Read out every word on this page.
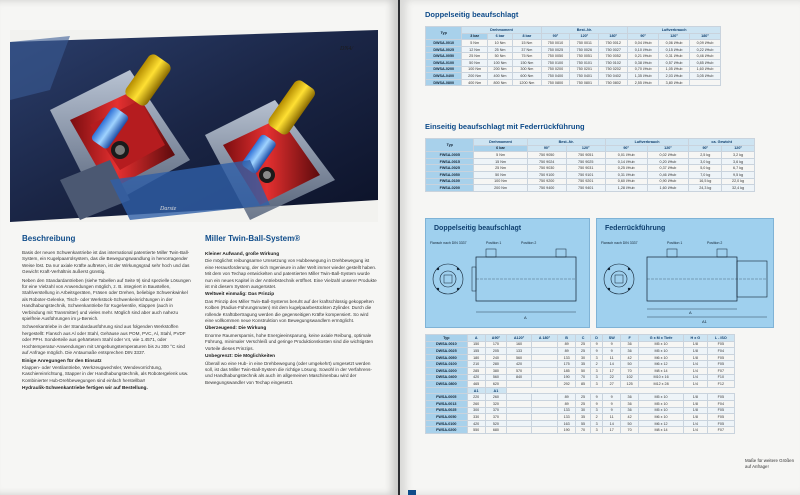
DN4/
Darste
Beschreibung

Basis der neuen Schwenkantriebe ist das international patentierte Miller Twin-Ball-System, ein Kugelpaarrolsystem, das die Bewegungswandlung in hervorragender Weise löst. Da nur axiale Kräfte auftreten, ist der Wirkungsgrad sehr hoch und das Gewicht Kraft-Verhältnis äußerst günstig.

Neben den Standardantrieben (siehe Tabellen auf Seite 9) sind spezielle Lösungen für eine Vielzahl von Anwendungen möglich, z. B. integriert in Baustellen, Stahlverstellung in Arbeitsgeräten, Fräsen oder Drehen, beliebige Schwenkwinkel als Roboter-Gelenke, Tisch- oder Werkstück-Schwenkeinrichtungen in der Handhabungstechnik, Schwenkantriebe für Kugelventile, Klappen (auch in Verbindung mit Transmitter) und vieles mehr. Möglich sind aber auch nahezu spielfreie Ausführungen im μ-Bereich.

Schwenkantriebe in der Standardausführung sind aus folgenden Werkstoffen hergestellt: Flansch aus Al oder Stahl, Gehäuse aus POM, PVC, Al, Stahl, PVDF oder PPH. Sonderteile aus gehärtetem Stahl oder V4, wie 1.4571, oder Hochtemperatur-Anwendungen mit Umgebungstemperaturen bis zu 300 °C sind auf Anfrage möglich. Die Antaumaße entsprechen DIN 3337.

Einige Anregungen für den Einsatz

Klappen- oder Ventilantriebe, Werkzeugwechsler, Wendevorrichtung, Kaschiereinrichtung, Stapper in der Handhabungstechnik, als Robotergelenk usw. Kombinierter Hub-Drehbewegungen sind einfach herstellbar!

Hydraulik-Schwenkantriebe fertigen wir auf Bestellung.
Miller Twin-Ball-System®
Kleiner Aufwand, große Wirkung

Die möglichst reibungsarme Umsetzung von Hubbewegung in Drehbewegung ist eine Herausforderung, der sich Ingenieure in aller Welt immer wieder gestellt haben. Mit dem von Techap entwickelten und patentierten Miller Twin-Ball-System wurde nun ein neues Kapitel in der Antriebstechnik eröffnet. Eine Vielzahl unserer Produkte ist mit diesem System ausgerüstet.

Weltweit einmalig: Das Prinzip

Das Prinzip des Miller Twin-Ball-Systems beruht auf der kraftschlüssig gekoppelten Kolben (Radius-Führungsnuten) mit dem kugelpaarbestückten Zylinder. Durch die rollende Kraftübertragung werden die gegenseitigen Kräfte kompensiert. So wird eine vollkommen neue Konstruktion von Bewegungswandlern ermöglicht.

Überzeugend: Die Wirkung

Enorme Raumersparnis, hohe Energieeinsparung, keine axiale Reibung, optimale Führung, minimaler Verschleiß und geringe Produktionskosten sind die wichtigsten Vorteile dieses Prinzips.

Unbegrenzt: Die Möglichkeiten

Überall wo eine Hub- in eine Drehbewegung (oder umgekehrt) umgesetzt werden soll, ist das Miller Twin-Ball-System die richtige Lösung. Sowohl in der Verfahrens- und Handhabungstechnik als auch im allgemeinen Maschinenbau wird der Bewegungswandler von Techap eingesetzt.

Doppelseitig beaufschlagt
Typ	Drehmoment			Best.-Nr.			Luftverbrauch		
	3 bar	6 bar	8 bar	90°	120°	180°	90°	120°	180°
DWSA-0010	5 Nm	10 Nm	15 Nm	750 0010	750 0011	750 0012	0,04 l/Hub	0,06 l/Hub	0,09 l/Hub
DWSA-0025	12 Nm	25 Nm	37 Nm	750 0025	750 0026	750 0027	0,10 l/Hub	0,15 l/Hub	0,22 l/Hub
DWSA-0050	25 Nm	50 Nm	75 Nm	750 0050	750 0051	750 0052	0,21 l/Hub	0,31 l/Hub	0,46 l/Hub
DWSA-0100	50 Nm	100 Nm	150 Nm	750 0100	750 0101	750 0102	0,38 l/Hub	0,57 l/Hub	0,85 l/Hub
DWSA-0200	100 Nm	200 Nm	300 Nm	750 0200	750 0201	750 0202	0,70 l/Hub	1,05 l/Hub	1,60 l/Hub
DWSA-0400	200 Nm	400 Nm	600 Nm	750 0400	750 0401	750 0402	1,35 l/Hub	2,03 l/Hub	3,05 l/Hub
DWSA-0800	400 Nm	800 Nm	1200 Nm	750 0800	750 0801	750 0802	2,55 l/Hub	3,80 l/Hub	
Einseitig beaufschlagt mit Federrückführung
Typ	Drehmoment	Best.-Nr.		Luftverbrauch		ca. Gewicht	
	6 bar	90°	120°	90°	120°	90°	120°
FWSA-0005	5 Nm	750 9050	750 9051	0,01 l/Hub	0,02 l/Hub	2,5 kg	3,2 kg
FWSA-0015	15 Nm	750 9024	750 9025	0,14 l/Hub	0,20 l/Hub	3,0 kg	3,6 kg
FWSA-0025	25 Nm	750 9030	750 9031	0,25 l/Hub	0,37 l/Hub	5,0 kg	6,7 kg
FWSA-0050	50 Nm	750 9100	750 9101	0,31 l/Hub	0,46 l/Hub	7,0 kg	9,5 kg
FWSA-0100	100 Nm	750 9200	750 9201	0,60 l/Hub	0,90 l/Hub	16,5 kg	22,0 kg
FWSA-0200	200 Nm	750 9400	750 9401	1,28 l/Hub	1,60 l/Hub	24,3 kg	32,4 kg
Doppelseitig beaufschlagt
Flansch nach DIN 3337	Position 1	Position 2
A
Federrückführung
Flansch nach DIN 3337	Position 1	Position 2
A
A1
Typ	A	A90°	A120°	A 180°	B	C	D	SW	F	G x M x Tiefe	H x G	L - ISO
DWSA-0010	150	170	160		89	25	9	9	36	M5 x 10	1/8	F05
DWSA-0025	155	205	133		89	25	9	9	36	M5 x 10	1/8	F04
DWSA-0050	180	240	560		133	30	3	11	42	M6 x 10	1/8	F05
DWSA-0100	210	280	420		175	35	2	14	50	M6 x 12	1/4	F05
DWSA-0200	285	380	570		185	50	3	17	70	M8 x 14	1/4	F07
DWSA-0400	420	560	840		190	70	3	22	102	M10 x 16	1/4	F10
DWSA-0800	465	620			292	85	3	27	125	M12 x 28	1/4	F12
	A1	A1										
FWSA-0005	220	260			89	25	9	9	36	M5 x 10	1/8	F05
FWSA-0013	260	320			89	25	9	9	36	M5 x 10	1/8	F04
FWSA-0025	300	370			133	30	3	9	36	M5 x 10	1/8	F05
FWSA-0050	330	370			133	35	2	11	42	M6 x 10	1/8	F05
FWSA-0100	420	520			163	55	3	14	50	M6 x 12	1/4	F05
FWSA-0200	550	680			190	70	3	17	70	M8 x 14	1/4	F07
Maße für weitere Größen auf Anfrage!
